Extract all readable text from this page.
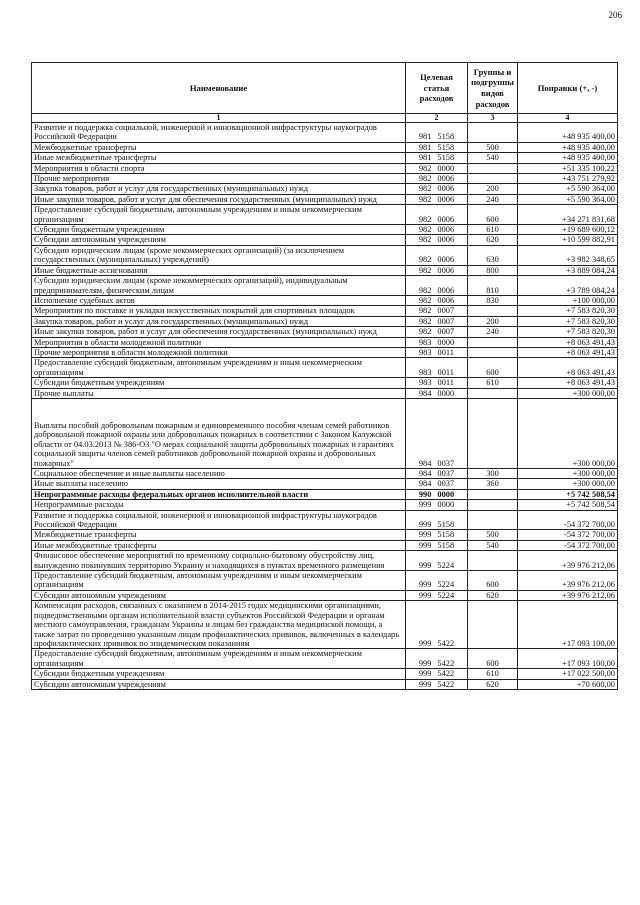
206
Наименование	Целевая статья расходов	Группы и подгруппы видов расходов	Поправки (+, -)
1	2	3	4
Развитие и поддержка социальной, инженерной и инновационной инфраструктуры наукоградов Российской Федерации	981 5158		+48 935 400,00
Межбюджетные трансферты	981 5158	500	+48 935 400,00
Иные межбюджетные трансферты	981 5158	540	+48 935 400,00
Мероприятия в области спорта	982 0000		+51 335 100,22
Прочие мероприятия	982 0006		+43 751 279,92
Закупка товаров, работ и услуг для государственных (муниципальных) нужд	982 0006	200	+5 590 364,00
Иные закупки товаров, работ и услуг для обеспечения государственных (муниципальных) нужд	982 0006	240	+5 590 364,00
Предоставление субсидий бюджетным, автономным учреждениям и иным некоммерческим организациям	982 0006	600	+34 271 831,68
Субсидии бюджетным учреждениям	982 0006	610	+19 689 600,12
Субсидии автономным учреждениям	982 0006	620	+10 599 882,91
Субсидии юридическим лицам (кроме некоммерческих организаций) (за исключением государственных (муниципальных) учреждений)	982 0006	630	+3 982 348,65
Иные бюджетные ассигнования	982 0006	800	+3 889 084,24
Субсидии юридическим лицам (кроме некоммерческих организаций), индивидуальным предпринимателям, физическим лицам	982 0006	810	+3 789 084,24
Исполнение судебных актов	982 0006	830	+100 000,00
Мероприятия по поставке и укладки искусственных покрытий для спортивных площадок	982 0007		+7 583 820,30
Закупка товаров, работ и услуг для государственных (муниципальных) нужд	982 0007	200	+7 583 820,30
Иные закупки товаров, работ и услуг для обеспечения государственных (муниципальных) нужд	982 0007	240	+7 583 820,30
Мероприятия в области молодежной политики	983 0000		+8 063 491,43
Прочие мероприятия в области молодежной политики	983 0011		+8 063 491,43
Предоставление субсидий бюджетным, автономным учреждениям и иным некоммерческим организациям	983 0011	600	+8 063 491,43
Субсидии бюджетным учреждениям	983 0011	610	+8 063 491,43
Прочие выплаты	984 0000		+300 000,00
Выплаты пособий добровольным пожарным и единовременного пособия членам семей работников добровольной пожарной охраны или добровольных пожарных в соответствии с Законом Калужской области от 04.03.2013 № 386-ОЗ "О мерах социальной защиты добровольных пожарных и гарантиях социальной защиты членов семей работников добровольной пожарной охраны и добровольных пожарных"	984 0037		+300 000,00
Социальное обеспечение и иные выплаты населению	984 0037	300	+300 000,00
Иные выплаты населению	984 0037	360	+300 000,00
Непрограммные расходы федеральных органов исполнительной власти	990 0000		+5 742 508,54
Непрограммные расходы	999 0000		+5 742 508,54
Развитие и поддержка социальной, инженерной и инновационной инфраструктуры наукоградов Российской Федерации	999 5158		-54 372 700,00
Межбюджетные трансферты	999 5158	500	-54 372 700,00
Иные межбюджетные трансферты	999 5158	540	-54 372 700,00
Финансовое обеспечение мероприятий по временному социально-бытовому обустройству лиц, вынужденно покинувших территорию Украину и находящихся в пунктах временного размещения	999 5224		+39 976 212,06
Предоставление субсидий бюджетным, автономным учреждениям и иным некоммерческим организациям	999 5224	600	+39 976 212,06
Субсидии автономным учреждениям	999 5224	620	+39 976 212,06
Компенсация расходов, связанных с оказанием в 2014-2015 годах медицинскими организациями, подведомственными органам исполнительной власти субъектов Российской Федерации и органам местного самоуправления, гражданам Украины и лицам без гражданства медицинской помощи, а также затрат по проведению указанным лицам профилактических прививок, включенных в календарь профилактических прививок по эпидемическим показаниям	999 5422		+17 093 100,00
Предоставление субсидий бюджетным, автономным учреждениям и иным некоммерческим организациям	999 5422	600	+17 093 100,00
Субсидии бюджетным учреждениям	999 5422	610	+17 022 500,00
Субсидии автономным учреждениям	999 5422	620	+70 600,00
